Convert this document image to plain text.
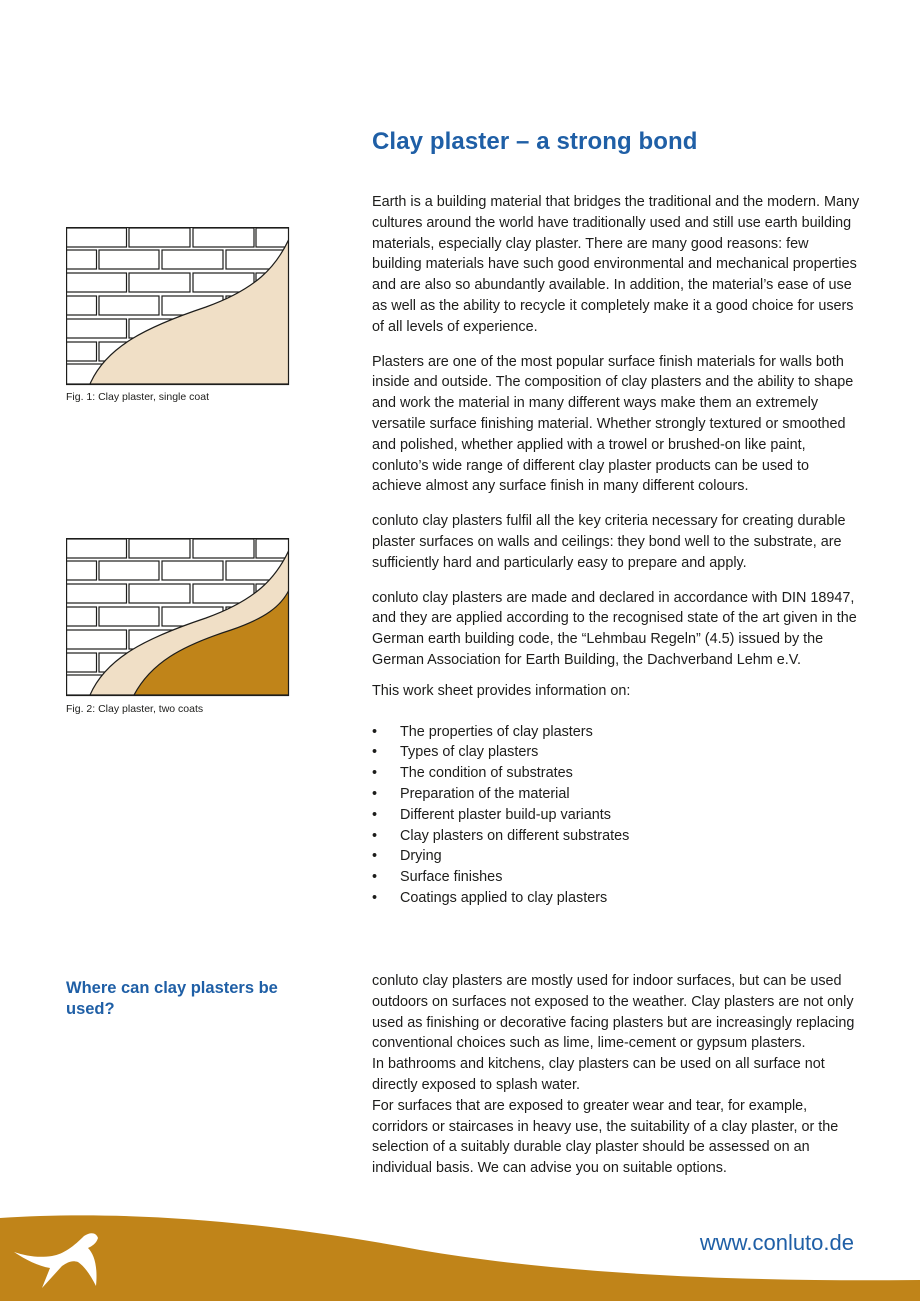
Clay plaster – a strong bond
Fig. 1: Clay plaster, single coat
Fig. 2: Clay plaster, two coats

Earth is a building material that bridges the traditional and the modern. Many cultures around the world have traditionally used and still use earth building materials, especially clay plaster. There are many good reasons: few building materials have such good environmental and mechanical properties and are also so abundantly available. In addition, the material’s ease of use as well as the ability to recycle it completely make it a good choice for users of all levels of experience.

Plasters are one of the most popular surface finish materials for walls both inside and outside. The composition of clay plasters and the ability to shape and work the material in many different ways make them an extremely versatile surface finishing material. Whether strongly textured or smoothed and polished, whether applied with a trowel or brushed-on like paint, conluto’s wide range of different clay plaster products can be used to achieve almost any surface finish in many different colours.

conluto clay plasters fulfil all the key criteria necessary for creating durable plaster surfaces on walls and ceilings: they bond well to the substrate, are sufficiently hard and particularly easy to prepare and apply.

conluto clay plasters are made and declared in accordance with DIN 18947, and they are applied according to the recognised state of the art given in the German earth building code, the “Lehmbau Regeln” (4.5) issued by the German Association for Earth Building, the Dachverband Lehm e.V.

This work sheet provides information on:

• The properties of clay plasters
• Types of clay plasters
• The condition of substrates
• Preparation of the material
• Different plaster build-up variants
• Clay plasters on different substrates
• Drying
• Surface finishes
• Coatings applied to clay plasters
Where can clay plasters be used?

conluto clay plasters are mostly used for indoor surfaces, but can be used outdoors on surfaces not exposed to the weather. Clay plasters are not only used as finishing or decorative facing plasters but are increasingly replacing conventional choices such as lime, lime-cement or gypsum plasters.

In bathrooms and kitchens, clay plasters can be used on all surface not directly exposed to splash water.

For surfaces that are exposed to greater wear and tear, for example, corridors or staircases in heavy use, the suitability of a clay plaster, or the selection of a suitably durable clay plaster should be assessed on an individual basis. We can advise you on suitable options.

www.conluto.de
